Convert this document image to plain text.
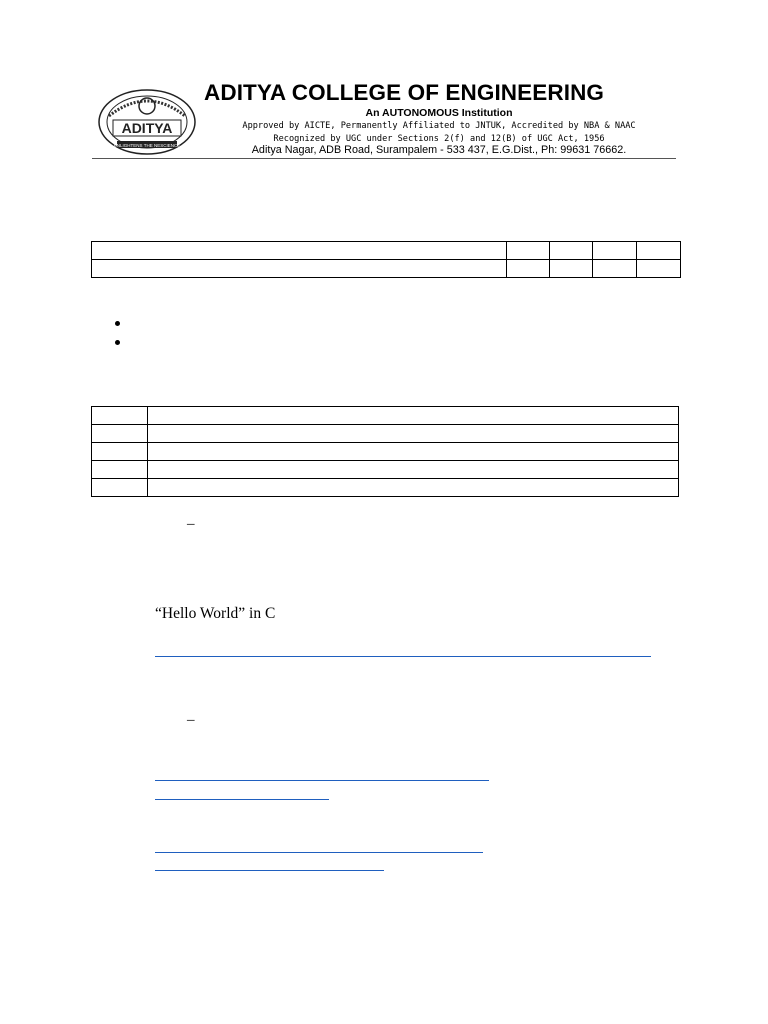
ADITYA
ENLIGHTENS THE NESCIENCE
ADITYA COLLEGE OF ENGINEERING
An AUTONOMOUS Institution
Approved by AICTE, Permanently Affiliated to JNTUK, Accredited by NBA & NAAC
Recognized by UGC under Sections 2(f) and 12(B) of UGC Act, 1956
Aditya Nagar, ADB Road, Surampalem - 533 437, E.G.Dist., Ph: 99631 76662.

–
“Hello World” in C
–
